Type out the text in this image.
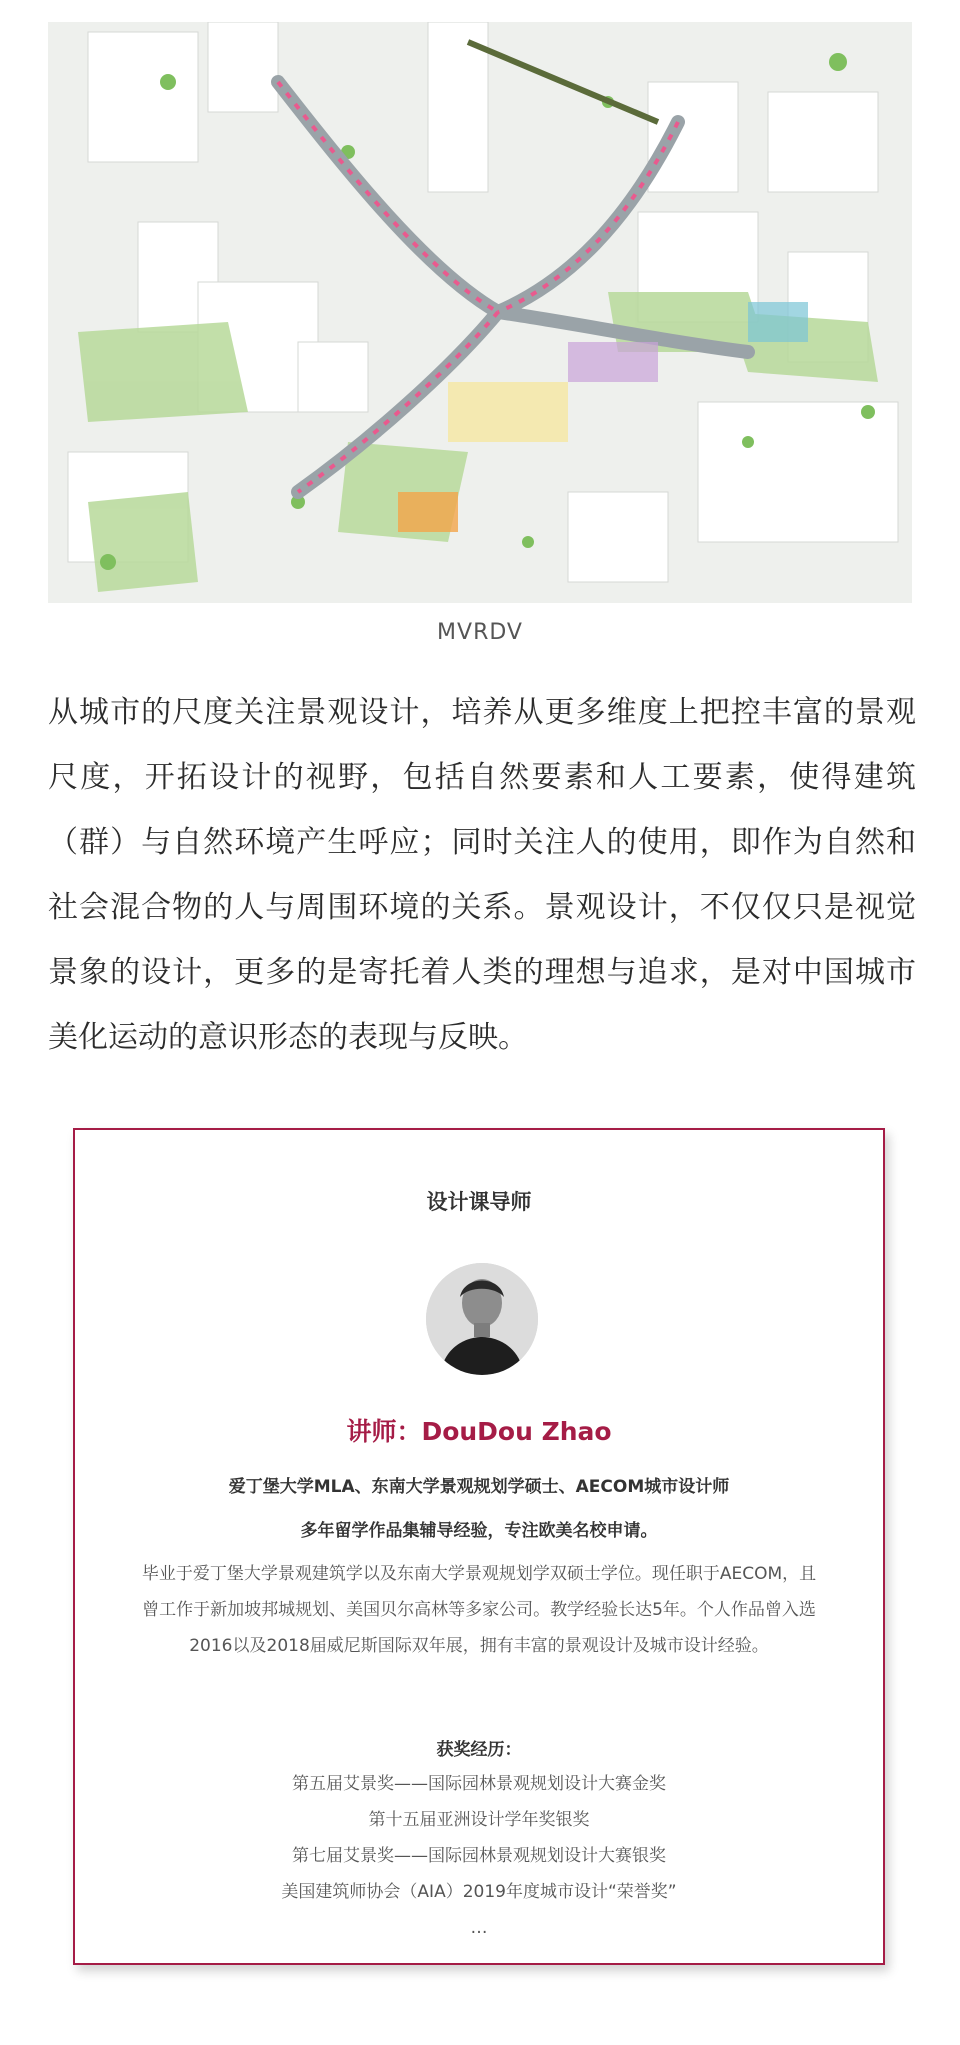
MVRDV

从城市的尺度关注景观设计，培养从更多维度上把控丰富的景观尺度，开拓设计的视野，包括自然要素和人工要素，使得建筑（群）与自然环境产生呼应；同时关注人的使用，即作为自然和社会混合物的人与周围环境的关系。景观设计，不仅仅只是视觉景象的设计，更多的是寄托着人类的理想与追求，是对中国城市美化运动的意识形态的表现与反映。

设计课导师
讲师：DouDou Zhao
爱丁堡大学MLA、东南大学景观规划学硕士、AECOM城市设计师
多年留学作品集辅导经验，专注欧美名校申请。

毕业于爱丁堡大学景观建筑学以及东南大学景观规划学双硕士学位。现任职于AECOM，且曾工作于新加坡邦城规划、美国贝尔高林等多家公司。教学经验长达5年。个人作品曾入选2016以及2018届威尼斯国际双年展，拥有丰富的景观设计及城市设计经验。

获奖经历：
第五届艾景奖——国际园林景观规划设计大赛金奖
第十五届亚洲设计学年奖银奖
第七届艾景奖——国际园林景观规划设计大赛银奖
美国建筑师协会（AIA）2019年度城市设计“荣誉奖”
…
